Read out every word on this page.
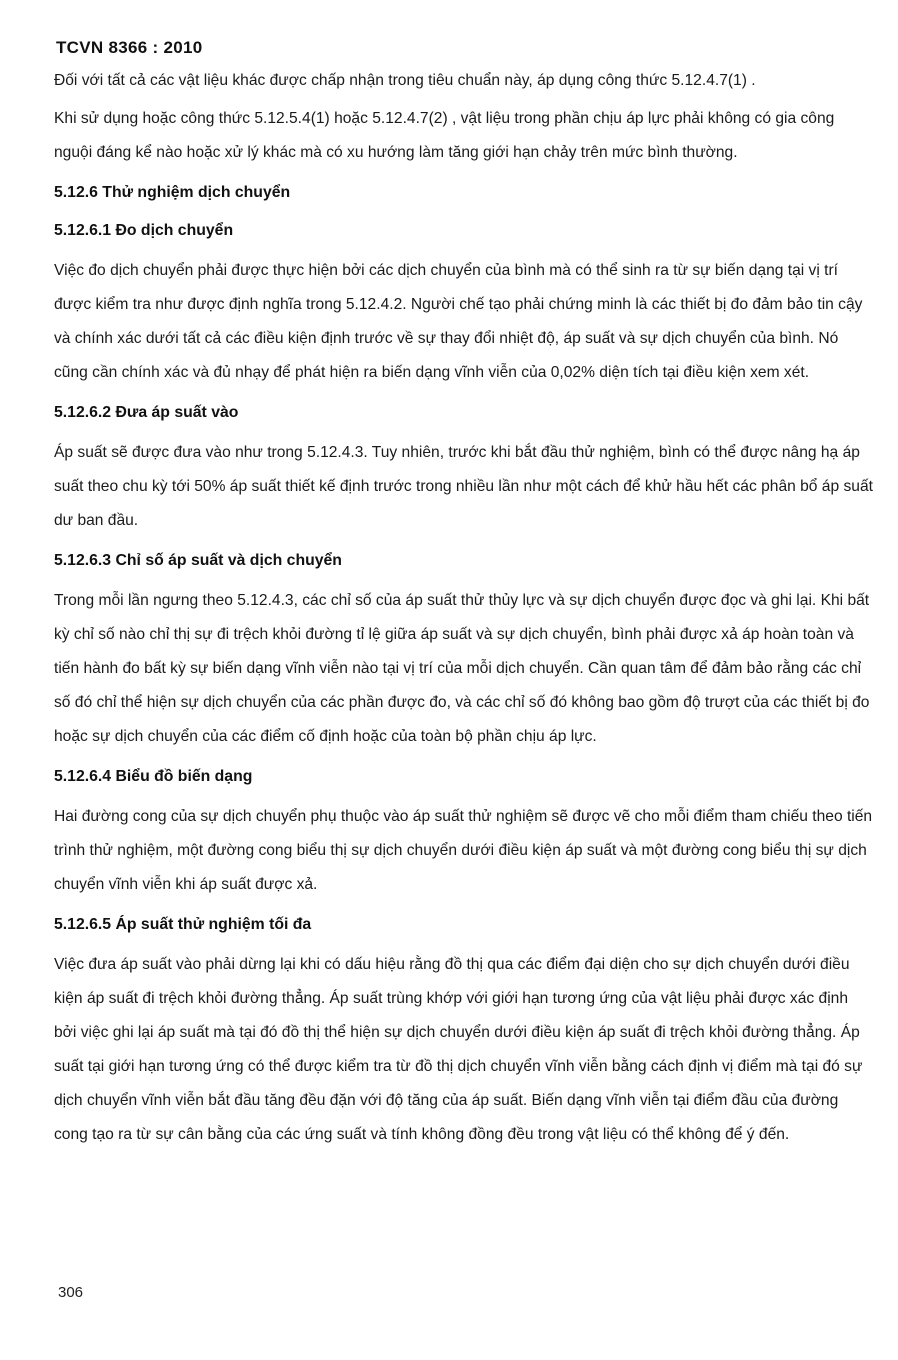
TCVN 8366 : 2010

Đối với tất cả các vật liệu khác được chấp nhận trong tiêu chuẩn này, áp dụng công thức 5.12.4.7(1) .

Khi sử dụng hoặc công thức 5.12.5.4(1) hoặc 5.12.4.7(2) , vật liệu trong phần chịu áp lực phải không có gia công nguội đáng kể nào hoặc xử lý khác mà có xu hướng làm tăng giới hạn chảy trên mức bình thường.

5.12.6 Thử nghiệm dịch chuyển
5.12.6.1 Đo dịch chuyển

Việc đo dịch chuyển phải được thực hiện bởi các dịch chuyển của bình mà có thể sinh ra từ sự biến dạng tại vị trí được kiểm tra như được định nghĩa trong 5.12.4.2. Người chế tạo phải chứng minh là các thiết bị đo đảm bảo tin cậy và chính xác dưới tất cả các điều kiện định trước về sự thay đổi nhiệt độ, áp suất và sự dịch chuyển của bình. Nó cũng cần chính xác và đủ nhạy để phát hiện ra biến dạng vĩnh viễn của 0,02% diện tích tại điều kiện xem xét.

5.12.6.2 Đưa áp suất vào

Áp suất sẽ được đưa vào như trong 5.12.4.3. Tuy nhiên, trước khi bắt đầu thử nghiệm, bình có thể được nâng hạ áp suất theo chu kỳ tới 50% áp suất thiết kế định trước trong nhiều lần như một cách để khử hầu hết các phân bổ áp suất dư ban đầu.

5.12.6.3 Chỉ số áp suất và dịch chuyển

Trong mỗi lần ngưng theo 5.12.4.3, các chỉ số của áp suất thử thủy lực và sự dịch chuyển được đọc và ghi lại. Khi bất kỳ chỉ số nào chỉ thị sự đi trệch khỏi đường tỉ lệ giữa áp suất và sự dịch chuyển, bình phải được xả áp hoàn toàn và tiến hành đo bất kỳ sự biến dạng vĩnh viễn nào tại vị trí của mỗi dịch chuyển. Cần quan tâm để đảm bảo rằng các chỉ số đó chỉ thể hiện sự dịch chuyển của các phần được đo, và các chỉ số đó không bao gồm độ trượt của các thiết bị đo hoặc sự dịch chuyển của các điểm cố định hoặc của toàn bộ phần chịu áp lực.

5.12.6.4 Biểu đồ biến dạng

Hai đường cong của sự dịch chuyển phụ thuộc vào áp suất thử nghiệm sẽ được vẽ cho mỗi điểm tham chiếu theo tiến trình thử nghiệm, một đường cong biểu thị sự dịch chuyển dưới điều kiện áp suất và một đường cong biểu thị sự dịch chuyển vĩnh viễn khi áp suất được xả.

5.12.6.5 Áp suất thử nghiệm tối đa

Việc đưa áp suất vào phải dừng lại khi có dấu hiệu rằng đồ thị qua các điểm đại diện cho sự dịch chuyển dưới điều kiện áp suất đi trệch khỏi đường thẳng. Áp suất trùng khớp với giới hạn tương ứng của vật liệu phải được xác định bởi việc ghi lại áp suất mà tại đó đồ thị thể hiện sự dịch chuyển dưới điều kiện áp suất đi trệch khỏi đường thẳng. Áp suất tại giới hạn tương ứng có thể được kiểm tra từ đồ thị dịch chuyển vĩnh viễn bằng cách định vị điểm mà tại đó sự dịch chuyển vĩnh viễn bắt đầu tăng đều đặn với độ tăng của áp suất. Biến dạng vĩnh viễn tại điểm đầu của đường cong tạo ra từ sự cân bằng của các ứng suất và tính không đồng đều trong vật liệu có thể không để ý đến.

306
